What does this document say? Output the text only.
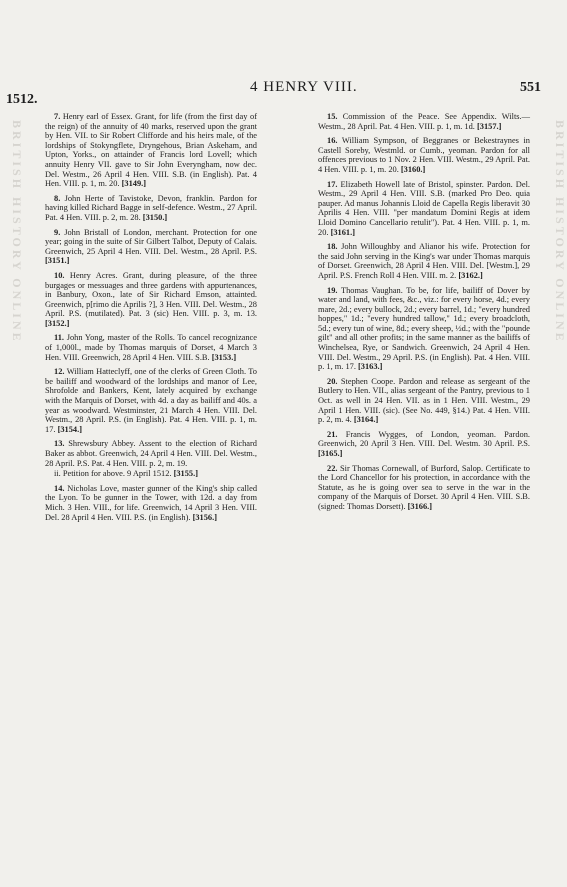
BRITISH HISTORY ONLINE	BRITISH HISTORY ONLINE
1512.
4 HENRY VIII.	551

7. Henry earl of Essex. Grant, for life (from the first day of the reign) of the annuity of 40 marks, reserved upon the grant by Hen. VII. to Sir Robert Cliffordе and his heirs male, of the lordships of Stokyngflete, Dryngehous, Brian Askeham, and Upton, Yorks., on attainder of Francis lord Lovell; which annuity Henry VII. gave to Sir John Everyngham, now dec. Del. Westm., 26 April 4 Hen. VIII. S.B. (in English). Pat. 4 Hen. VIII. p. 1, m. 20. [3149.]

8. John Herte of Tavistoke, Devon, franklin. Pardon for having killed Richard Bagge in self-defence. Westm., 27 April. Pat. 4 Hen. VIII. p. 2, m. 28. [3150.]

9. John Bristall of London, merchant. Protection for one year; going in the suite of Sir Gilbert Talbot, Deputy of Calais. Greenwich, 25 April 4 Hen. VIII. Del. Westm., 28 April. P.S. [3151.]

10. Henry Acres. Grant, during pleasure, of the three burgages or messuages and three gardens with appurtenances, in Banbury, Oxon., late of Sir Richard Emson, attainted. Greenwich, p[rimo die Aprilis ?], 3 Hen. VIII. Del. Westm., 28 April. P.S. (mutilated). Pat. 3 (sic) Hen. VIII. p. 3, m. 13. [3152.]

11. John Yong, master of the Rolls. To cancel recognizance of 1,000l., made by Thomas marquis of Dorset, 4 March 3 Hen. VIII. Greenwich, 28 April 4 Hen. VIII. S.B. [3153.]

12. William Hatteclyff, one of the clerks of Green Cloth. To be bailiff and woodward of the lordships and manor of Lee, Shrofolde and Bankers, Kent, lately acquired by exchange with the Marquis of Dorset, with 4d. a day as bailiff and 40s. a year as woodward. Westminster, 21 March 4 Hen. VIII. Del. Westm., 28 April. P.S. (in English). Pat. 4 Hen. VIII. p. 1, m. 17. [3154.]

13. Shrewsbury Abbey. Assent to the election of Richard Baker as abbot. Greenwich, 24 April 4 Hen. VIII. Del. Westm., 28 April. P.S. Pat. 4 Hen. VIII. p. 2, m. 19.

ii. Petition for above. 9 April 1512. [3155.]

14. Nicholas Love, master gunner of the King's ship called the Lyon. To be gunner in the Tower, with 12d. a day from Mich. 3 Hen. VIII., for life. Greenwich, 14 April 3 Hen. VIII. Del. 28 April 4 Hen. VIII. P.S. (in English). [3156.]

15. Commission of the Peace. See Appendix. Wilts.—Westm., 28 April. Pat. 4 Hen. VIII. p. 1, m. 1d. [3157.]

16. William Sympson, of Beggranes or Bekestraynes in Castell Soreby, Westmld. or Cumb., yeoman. Pardon for all offences previous to 1 Nov. 2 Hen. VIII. Westm., 29 April. Pat. 4 Hen. VIII. p. 1, m. 20. [3160.]

17. Elizabeth Howell late of Bristol, spinster. Pardon. Del. Westm., 29 April 4 Hen. VIII. S.B. (marked Pro Deo. quia pauper. Ad manus Johannis Lloid de Capella Regis liberavit 30 Aprilis 4 Hen. VIII. "per mandatum Domini Regis at idem Lloid Domino Cancellario retulit"). Pat. 4 Hen. VIII. p. 1, m. 20. [3161.]

18. John Willoughby and Alianor his wife. Protection for the said John serving in the King's war under Thomas marquis of Dorset. Greenwich, 28 April 4 Hen. VIII. Del. [Westm.], 29 April. P.S. French Roll 4 Hen. VIII. m. 2. [3162.]

19. Thomas Vaughan. To be, for life, bailiff of Dover by water and land, with fees, &c., viz.: for every horse, 4d.; every mare, 2d.; every bullock, 2d.; every barrel, 1d.; "every hundred hoppes," 1d.; "every hundred tallow," 1d.; every broadcloth, 5d.; every tun of wine, 8d.; every sheep, ½d.; with the "pounde gilt" and all other profits; in the same manner as the bailiffs of Winchelsea, Rye, or Sandwich. Greenwich, 24 April 4 Hen. VIII. Del. Westm., 29 April. P.S. (in English). Pat. 4 Hen. VIII. p. 1, m. 17. [3163.]

20. Stephen Coope. Pardon and release as sergeant of the Butlery to Hen. VII., alias sergeant of the Pantry, previous to 1 Oct. as well in 24 Hen. VII. as in 1 Hen. VIII. Westm., 29 April 1 Hen. VIII. (sic). (See No. 449, §14.) Pat. 4 Hen. VIII. p. 2, m. 4. [3164.]

21. Francis Wygges, of London, yeoman. Pardon. Greenwich, 20 April 3 Hen. VIII. Del. Westm. 30 April. P.S. [3165.]

22. Sir Thomas Cornewall, of Burford, Salop. Certificate to the Lord Chancellor for his protection, in accordance with the Statute, as he is going over sea to serve in the war in the company of the Marquis of Dorset. 30 April 4 Hen. VIII. S.B. (signed: Thomas Dorsett). [3166.]
